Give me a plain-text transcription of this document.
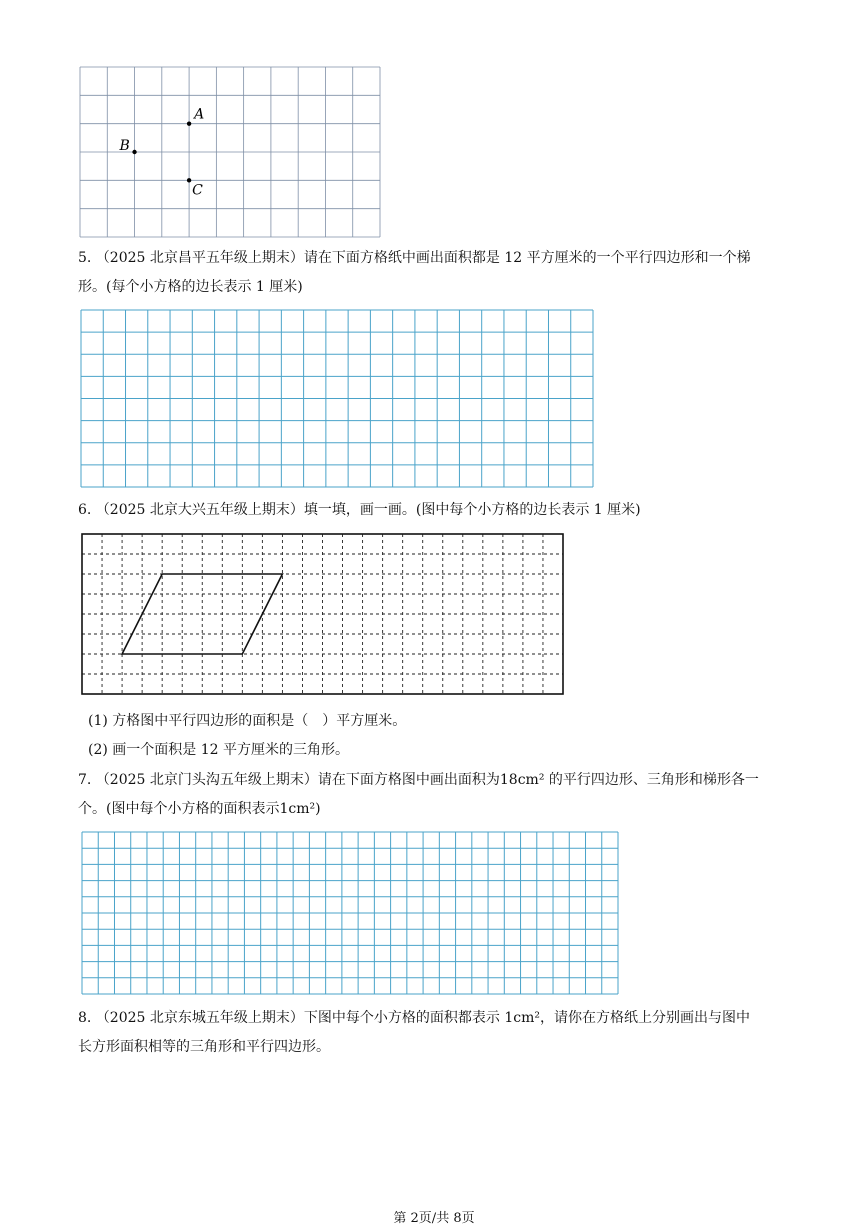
A
B
C
5. （2025 北京昌平五年级上期末）请在下面方格纸中画出面积都是 12 平方厘米的一个平行四边形和一个梯
形。(每个小方格的边长表示 1 厘米)
6. （2025 北京大兴五年级上期末）填一填，画一画。(图中每个小方格的边长表示 1 厘米)
(1) 方格图中平行四边形的面积是（　）平方厘米。
(2) 画一个面积是 12 平方厘米的三角形。
7. （2025 北京门头沟五年级上期末）请在下面方格图中画出面积为18cm² 的平行四边形、三角形和梯形各一
个。(图中每个小方格的面积表示1cm²)
8. （2025 北京东城五年级上期末）下图中每个小方格的面积都表示 1cm²，请你在方格纸上分别画出与图中
长方形面积相等的三角形和平行四边形。
第 2页/共 8页
